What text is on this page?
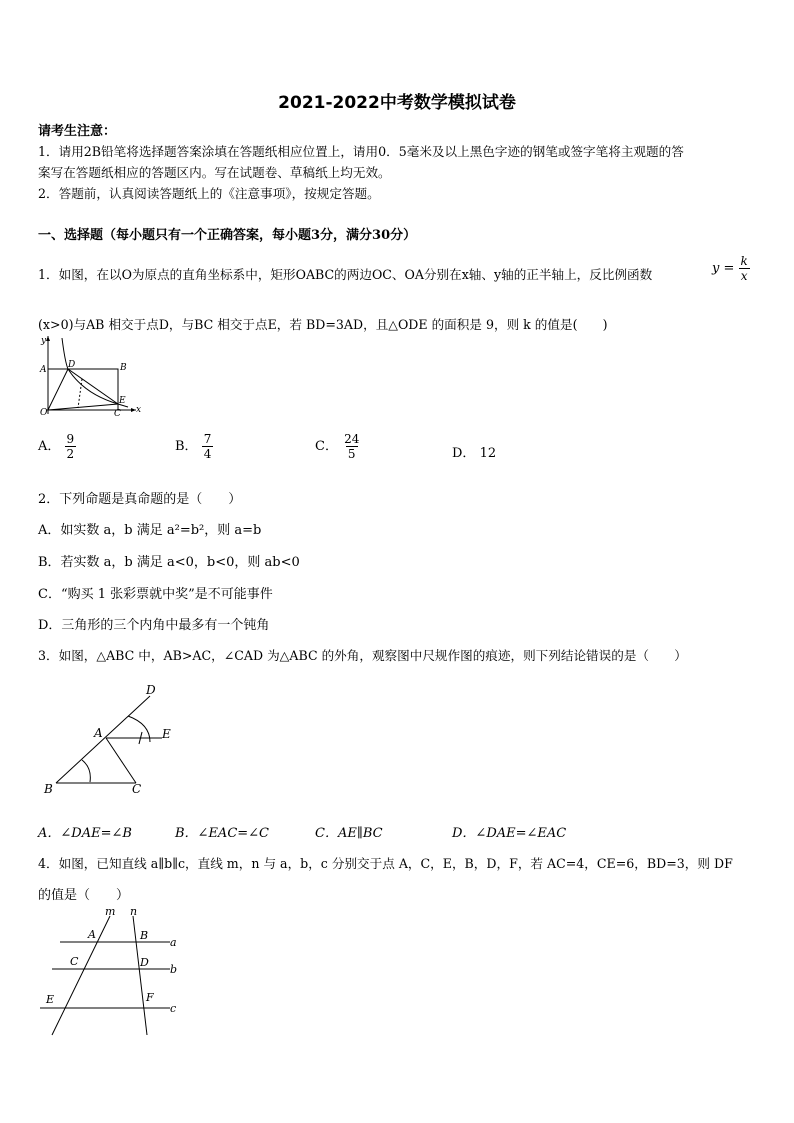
2021-2022中考数学模拟试卷
请考生注意：
1．请用2B铅笔将选择题答案涂填在答题纸相应位置上，请用0．5毫米及以上黑色字迹的钢笔或签字笔将主观题的答
案写在答题纸相应的答题区内。写在试题卷、草稿纸上均无效。
2．答题前，认真阅读答题纸上的《注意事项》，按规定答题。
一、选择题（每小题只有一个正确答案，每小题3分，满分30分）
1．如图，在以O为原点的直角坐标系中，矩形OABC的两边OC、OA分别在x轴、y轴的正半轴上，反比例函数	$y = \frac{k}{x}$
(x>0)与AB 相交于点D，与BC 相交于点E，若 BD=3AD，且△ODE 的面积是 9，则 k 的值是(　　)
y
x
O
A D	B
E
C
A． $\frac{9}{2}$	B． $\frac{7}{4}$	C． $\frac{24}{5}$	D． 12
2．下列命题是真命题的是（　　）
A．如实数 a，b 满足 a²=b²，则 a=b
B．若实数 a，b 满足 a<0，b<0，则 ab<0
C．“购买 1 张彩票就中奖”是不可能事件
D．三角形的三个内角中最多有一个钝角
3．如图，△ABC 中，AB>AC，∠CAD 为△ABC 的外角，观察图中尺规作图的痕迹，则下列结论错误的是（　　）
D
A	E
B	C
A．∠DAE=∠B	B．∠EAC=∠C	C．AE∥BC	D．∠DAE=∠EAC
4．如图，已知直线 a∥b∥c，直线 m，n 与 a，b，c 分别交于点 A，C，E，B，D，F，若 AC=4，CE=6，BD=3，则 DF
的值是（　　）
m n
a
b
c
A	B
C	D
E	F
